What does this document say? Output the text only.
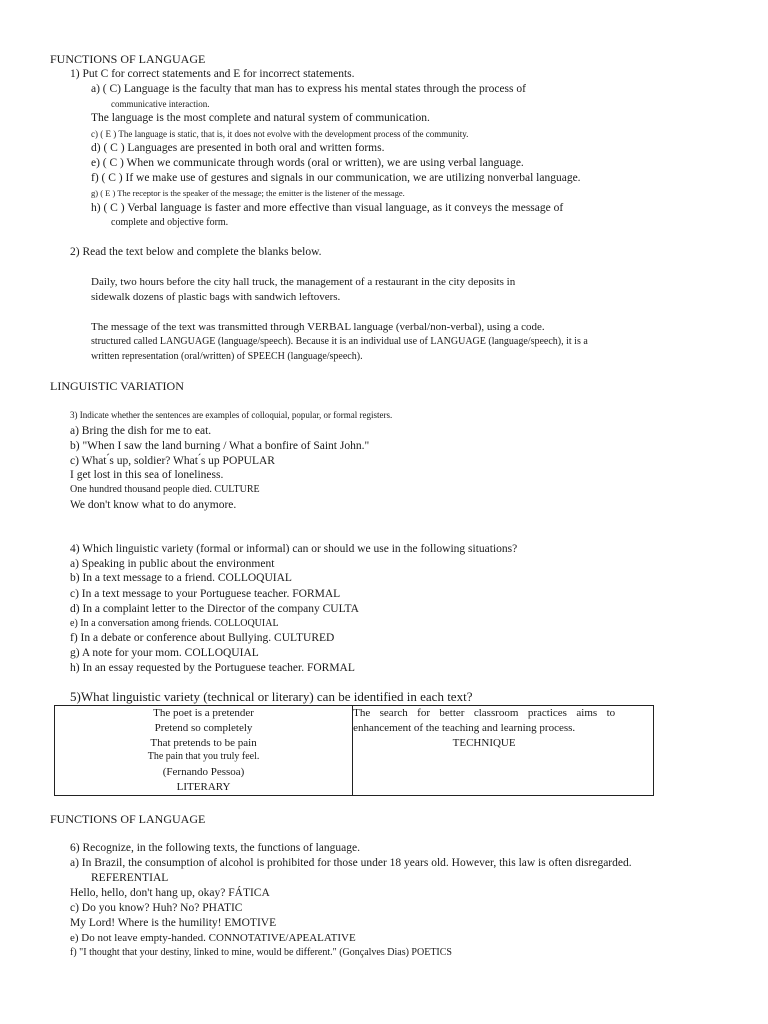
FUNCTIONS OF LANGUAGE
1) Put C for correct statements and E for incorrect statements.
a) ( C) Language is the faculty that man has to express his mental states through the process of
communicative interaction.
The language is the most complete and natural system of communication.
c) ( E ) The language is static, that is, it does not evolve with the development process of the community.
d) ( C ) Languages are presented in both oral and written forms.
e) ( C ) When we communicate through words (oral or written), we are using verbal language.
f) ( C ) If we make use of gestures and signals in our communication, we are utilizing nonverbal language.
g) ( E ) The receptor is the speaker of the message; the emitter is the listener of the message.
h) ( C ) Verbal language is faster and more effective than visual language, as it conveys the message of
complete and objective form.
2) Read the text below and complete the blanks below.
Daily, two hours before the city hall truck, the management of a restaurant in the city deposits in
sidewalk dozens of plastic bags with sandwich leftovers.
The message of the text was transmitted through VERBAL language (verbal/non-verbal), using a code.
structured called LANGUAGE (language/speech). Because it is an individual use of LANGUAGE (language/speech), it is a
written representation (oral/written) of SPEECH (language/speech).
LINGUISTIC VARIATION
3) Indicate whether the sentences are examples of colloquial, popular, or formal registers.
a) Bring the dish for me to eat.
b) "When I saw the land burning / What a bonfire of Saint John."
c) What ́s up, soldier? What ́s up POPULAR
I get lost in this sea of loneliness.
One hundred thousand people died. CULTURE
We don't know what to do anymore.
4) Which linguistic variety (formal or informal) can or should we use in the following situations?
a) Speaking in public about the environment
b) In a text message to a friend. COLLOQUIAL
c) In a text message to your Portuguese teacher. FORMAL
d) In a complaint letter to the Director of the company CULTA
e) In a conversation among friends. COLLOQUIAL
f) In a debate or conference about Bullying. CULTURED
g) A note for your mom. COLLOQUIAL
h) In an essay requested by the Portuguese teacher. FORMAL
5)What linguistic variety (technical or literary) can be identified in each text?
The poet is a pretender
Pretend so completely
That pretends to be pain
The pain that you truly feel.
(Fernando Pessoa)
LITERARY

The search for better classroom practices aims to
enhancement of the teaching and learning process.
TECHNIQUE
FUNCTIONS OF LANGUAGE
6) Recognize, in the following texts, the functions of language.
a) In Brazil, the consumption of alcohol is prohibited for those under 18 years old. However, this law is often disregarded.
REFERENTIAL
Hello, hello, don't hang up, okay? FÁTICA
c) Do you know? Huh? No? PHATIC
My Lord! Where is the humility! EMOTIVE
e) Do not leave empty-handed. CONNOTATIVE/APEALATIVE
f) "I thought that your destiny, linked to mine, would be different." (Gonçalves Dias) POETICS
